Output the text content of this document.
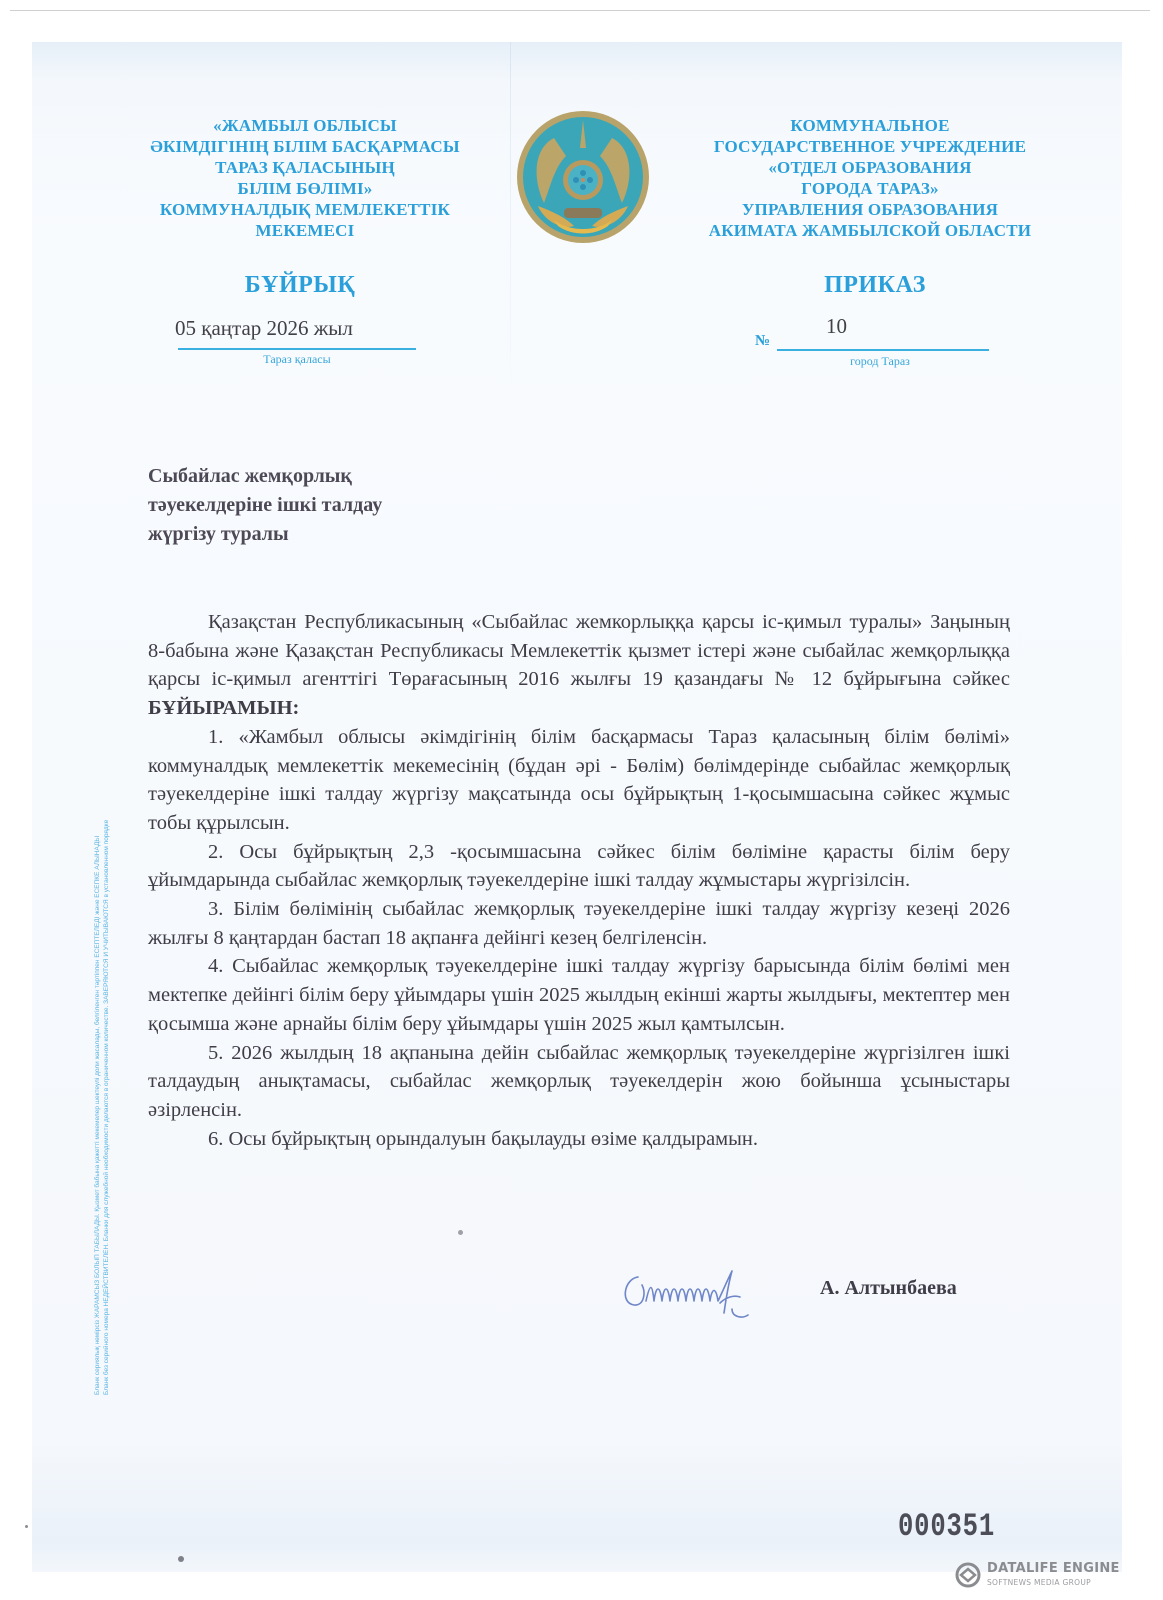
«ЖАМБЫЛ ОБЛЫСЫ
ӘКІМДІГІНІҢ БІЛІМ БАСҚАРМАСЫ
ТАРАЗ ҚАЛАСЫНЫҢ
БІЛІМ БӨЛІМІ»
КОММУНАЛДЫҚ МЕМЛЕКЕТТІК
МЕКЕМЕСІ
КОММУНАЛЬНОЕ
ГОСУДАРСТВЕННОЕ УЧРЕЖДЕНИЕ
«ОТДЕЛ ОБРАЗОВАНИЯ
ГОРОДА ТАРАЗ»
УПРАВЛЕНИЯ ОБРАЗОВАНИЯ
АКИМАТА ЖАМБЫЛСКОЙ ОБЛАСТИ
БҰЙРЫҚ	ПРИКАЗ
05 қаңтар 2026 жыл
Тараз қаласы
№
10
город Тараз
Сыбайлас жемқорлық
тәуекелдеріне ішкі талдау
жүргізу туралы

Қазақстан Республикасының «Сыбайлас жемкорлыққа қарсы іс-қимыл туралы» Заңының 8-бабына және Қазақстан Республикасы Мемлекеттік қызмет істері және сыбайлас жемқорлыққа қарсы іс-қимыл агенттігі Төрағасының 2016 жылғы 19 қазандағы № 12 бұйрығына сәйкес БҰЙЫРАМЫН:

1. «Жамбыл облысы әкімдігінің білім басқармасы Тараз қаласының білім бөлімі» коммуналдық мемлекеттік мекемесінің (бұдан әрі - Бөлім) бөлімдерінде сыбайлас жемқорлық тәуекелдеріне ішкі талдау жүргізу мақсатында осы бұйрықтың 1-қосымшасына сәйкес жұмыс тобы құрылсын.

2. Осы бұйрықтың 2,3 -қосымшасына сәйкес білім бөліміне қарасты білім беру ұйымдарында сыбайлас жемқорлық тәуекелдеріне ішкі талдау жұмыстары жүргізілсін.

3. Білім бөлімінің сыбайлас жемқорлық тәуекелдеріне ішкі талдау жүргізу кезеңі 2026 жылғы 8 қаңтардан бастап 18 ақпанға дейінгі кезең белгіленсін.

4. Сыбайлас жемқорлық тәуекелдеріне ішкі талдау жүргізу барысында білім бөлімі мен мектепке дейінгі білім беру ұйымдары үшін 2025 жылдың екінші жарты жылдығы, мектептер мен қосымша және арнайы білім беру ұйымдары үшін 2025 жыл қамтылсын.

5. 2026 жылдың 18 ақпанына дейін сыбайлас жемқорлық тәуекелдеріне жүргізілген ішкі талдаудың анықтамасы, сыбайлас жемқорлық тәуекелдерін жою бойынша ұсыныстары әзірленсін.

6. Осы бұйрықтың орындалуын бақылауды өзіме қалдырамын.

А. Алтынбаева
000351
Бланк сериялық нөмірсіз ЖАРАМСЫЗ БОЛЫП ТАБЫЛАДЫ. Қызмет бабына қажетті мекемелер шектеулі доли жасалады, белгіленген тәртіппен ЕСЕПТЕЛЕДІ және ЕСЕПКЕ АЛЫНАДЫ Бланк без серийного номера НЕДЕЙСТВИТЕЛЕН. Бланки для служебной необходимости делаются в ограниченном количестве. ЗАВЕРЯЮТСЯ И УЧИТЫВАЮТСЯ в установленном порядке
DATALIFE ENGINE
SOFTNEWS MEDIA GROUP
